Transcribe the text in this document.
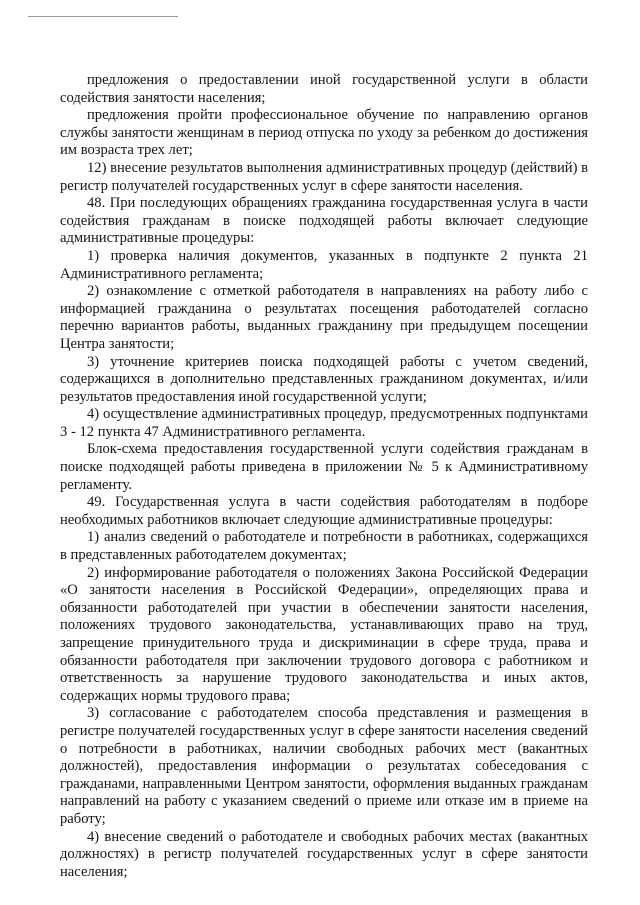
предложения о предоставлении иной государственной услуги в области содействия занятости населения;

предложения пройти профессиональное обучение по направлению органов службы занятости женщинам в период отпуска по уходу за ребенком до достижения им возраста трех лет;

12) внесение результатов выполнения административных процедур (действий) в регистр получателей государственных услуг в сфере занятости населения.

48. При последующих обращениях гражданина государственная услуга в части содействия гражданам в поиске подходящей работы включает следующие административные процедуры:

1) проверка наличия документов, указанных в подпункте 2 пункта 21 Административного регламента;

2) ознакомление с отметкой работодателя в направлениях на работу либо с информацией гражданина о результатах посещения работодателей согласно перечню вариантов работы, выданных гражданину при предыдущем посещении Центра занятости;

3) уточнение критериев поиска подходящей работы с учетом сведений, содержащихся в дополнительно представленных гражданином документах, и/или результатов предоставления иной государственной услуги;

4) осуществление административных процедур, предусмотренных подпунктами 3 - 12 пункта 47 Административного регламента.

Блок-схема предоставления государственной услуги содействия гражданам в поиске подходящей работы приведена в приложении № 5 к Административному регламенту.

49. Государственная услуга в части содействия работодателям в подборе необходимых работников включает следующие административные процедуры:

1) анализ сведений о работодателе и потребности в работниках, содержащихся в представленных работодателем документах;

2) информирование работодателя о положениях Закона Российской Федерации «О занятости населения в Российской Федерации», определяющих права и обязанности работодателей при участии в обеспечении занятости населения, положениях трудового законодательства, устанавливающих право на труд, запрещение принудительного труда и дискриминации в сфере труда, права и обязанности работодателя при заключении трудового договора с работником и ответственность за нарушение трудового законодательства и иных актов, содержащих нормы трудового права;

3) согласование с работодателем способа представления и размещения в регистре получателей государственных услуг в сфере занятости населения сведений о потребности в работниках, наличии свободных рабочих мест (вакантных должностей), предоставления информации о результатах собеседования с гражданами, направленными Центром занятости, оформления выданных гражданам направлений на работу с указанием сведений о приеме или отказе им в приеме на работу;

4) внесение сведений о работодателе и свободных рабочих местах (вакантных должностях) в регистр получателей государственных услуг в сфере занятости населения;
